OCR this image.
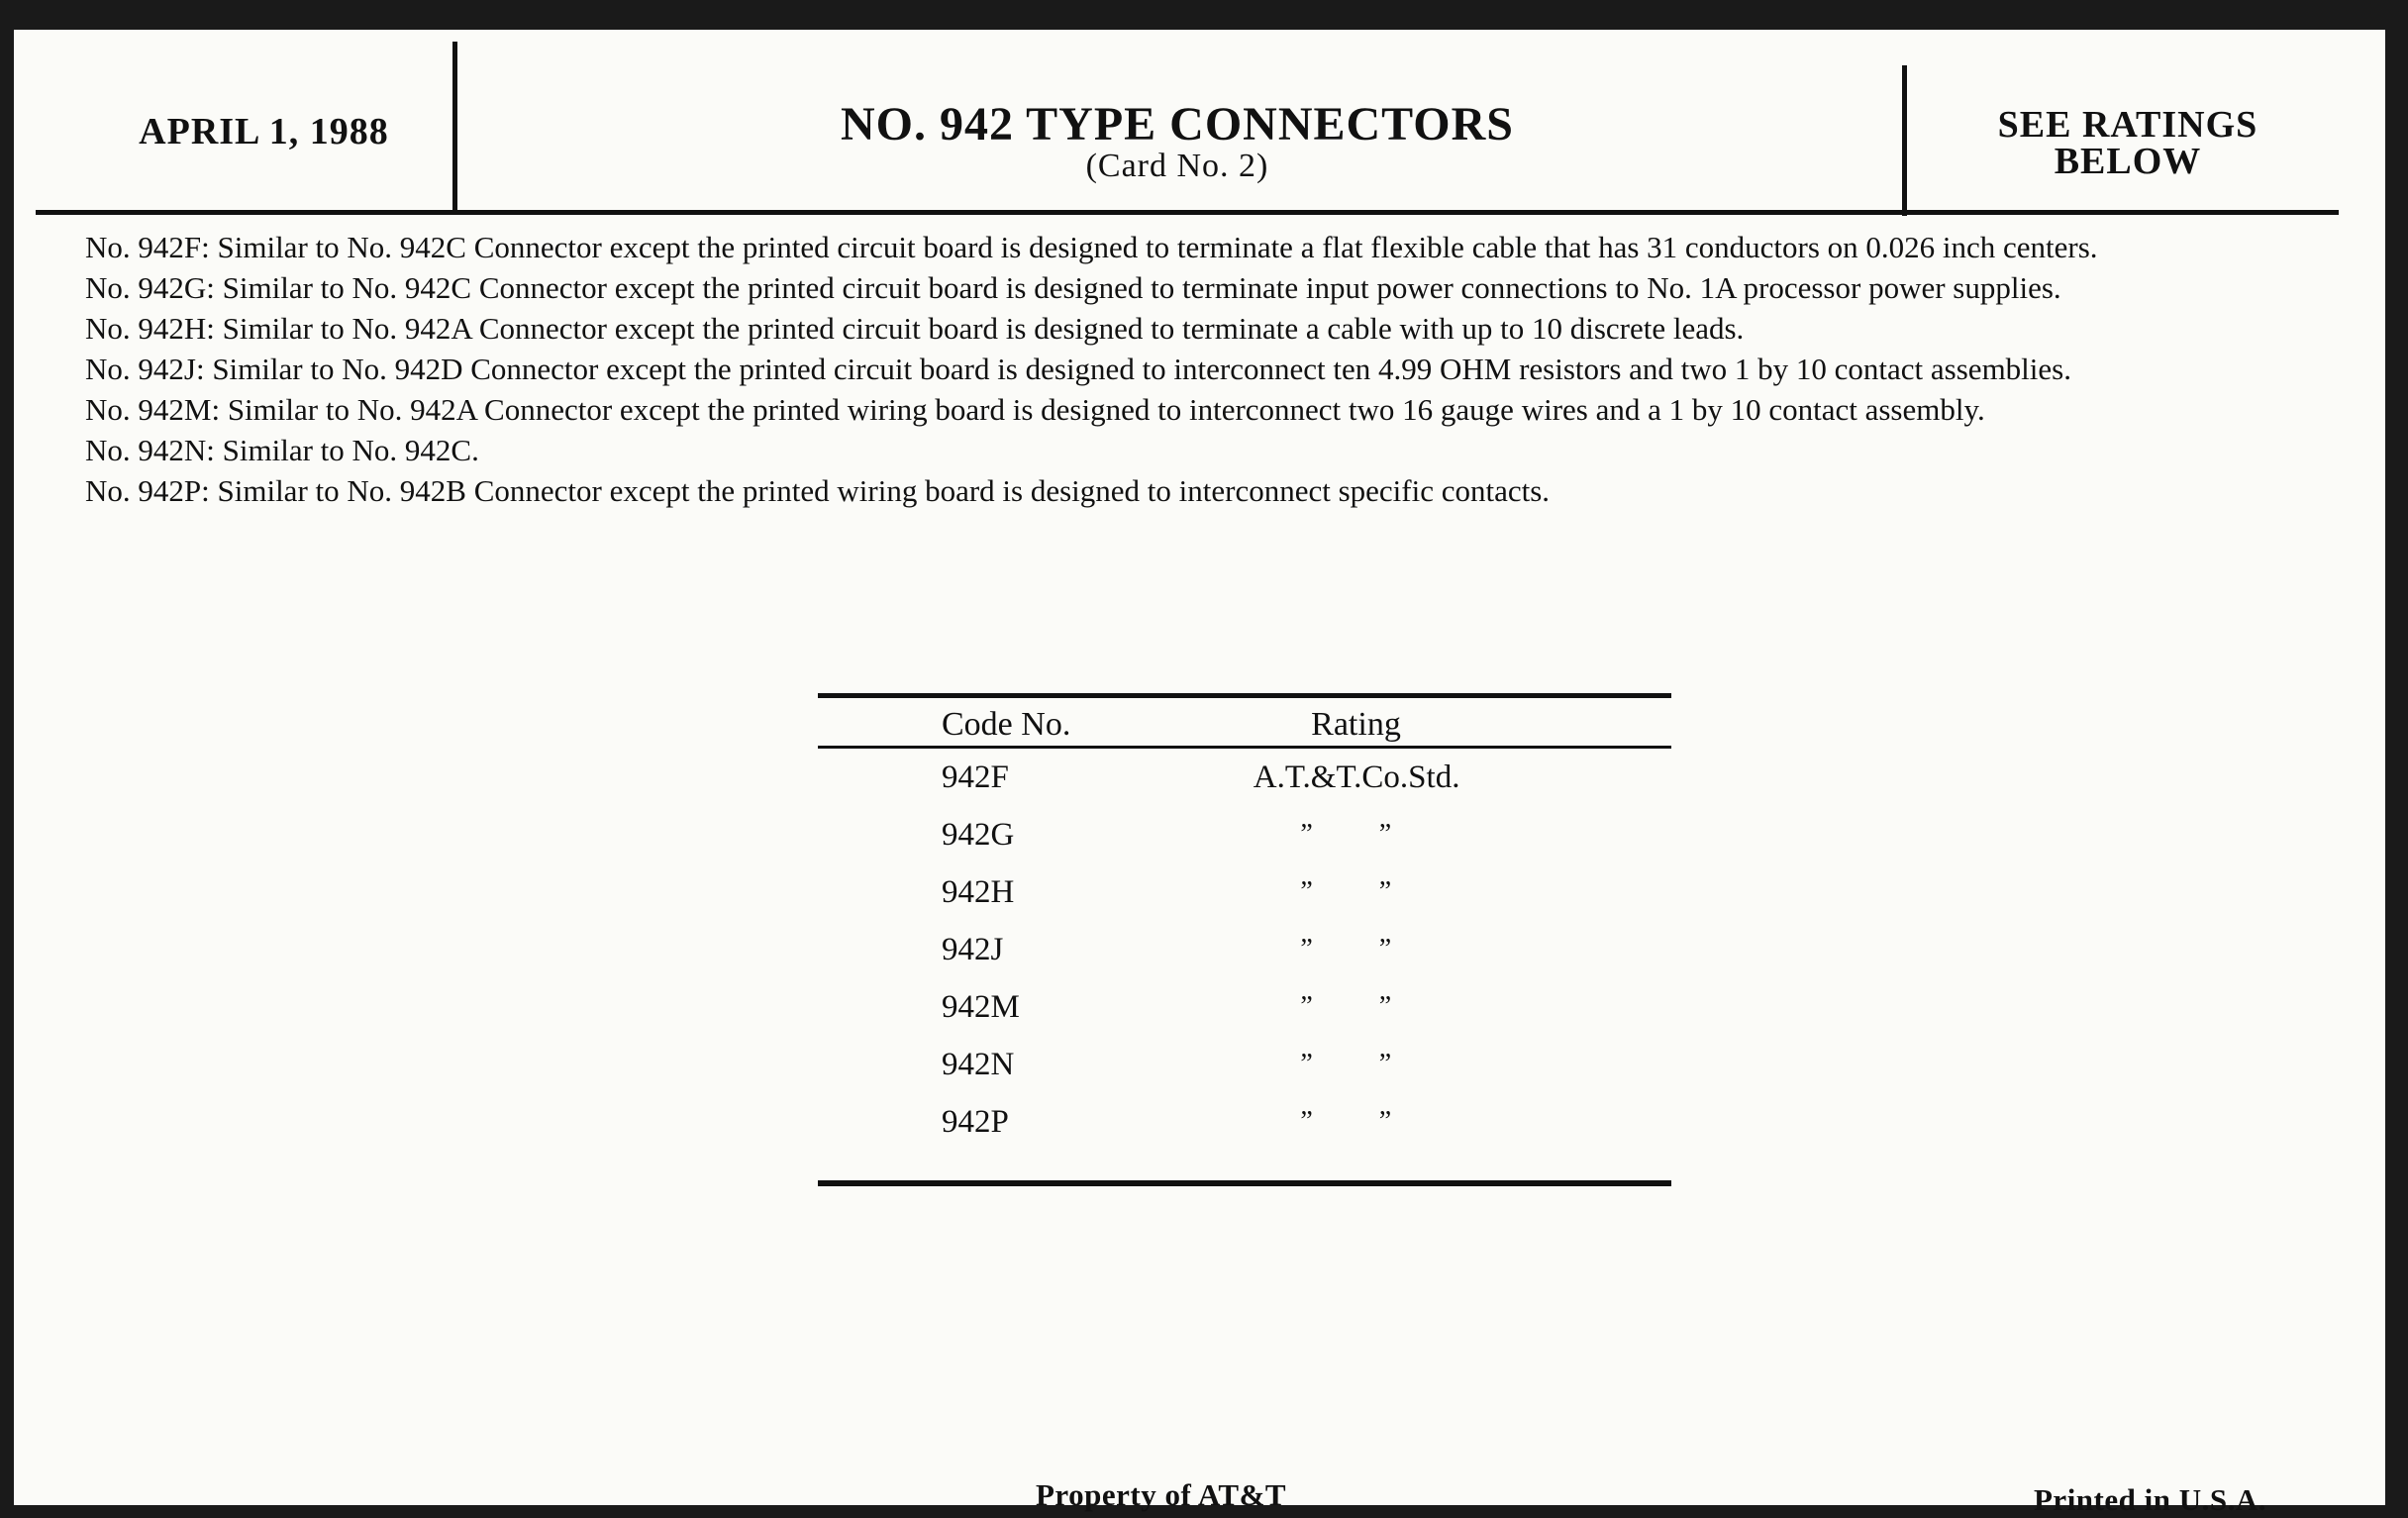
APRIL 1, 1988	NO. 942 TYPE CONNECTORS
(Card No. 2)
SEE RATINGS
BELOW

No. 942F: Similar to No. 942C Connector except the printed circuit board is designed to terminate a flat flexible cable that has 31 conductors on 0.026 inch centers.

No. 942G: Similar to No. 942C Connector except the printed circuit board is designed to terminate input power connections to No. 1A processor power supplies.

No. 942H: Similar to No. 942A Connector except the printed circuit board is designed to terminate a cable with up to 10 discrete leads.

No. 942J: Similar to No. 942D Connector except the printed circuit board is designed to interconnect ten 4.99 OHM resistors and two 1 by 10 contact assemblies.

No. 942M: Similar to No. 942A Connector except the printed wiring board is designed to interconnect two 16 gauge wires and a 1 by 10 contact assembly.

No. 942N: Similar to No. 942C.

No. 942P: Similar to No. 942B Connector except the printed wiring board is designed to interconnect specific contacts.

Code No.	Rating
942F	A.T.&T.Co.Std.
942G	” ”
942H	” ”
942J	” ”
942M	” ”
942N	” ”
942P	” ”
Property of AT&T	Printed in U.S.A.
